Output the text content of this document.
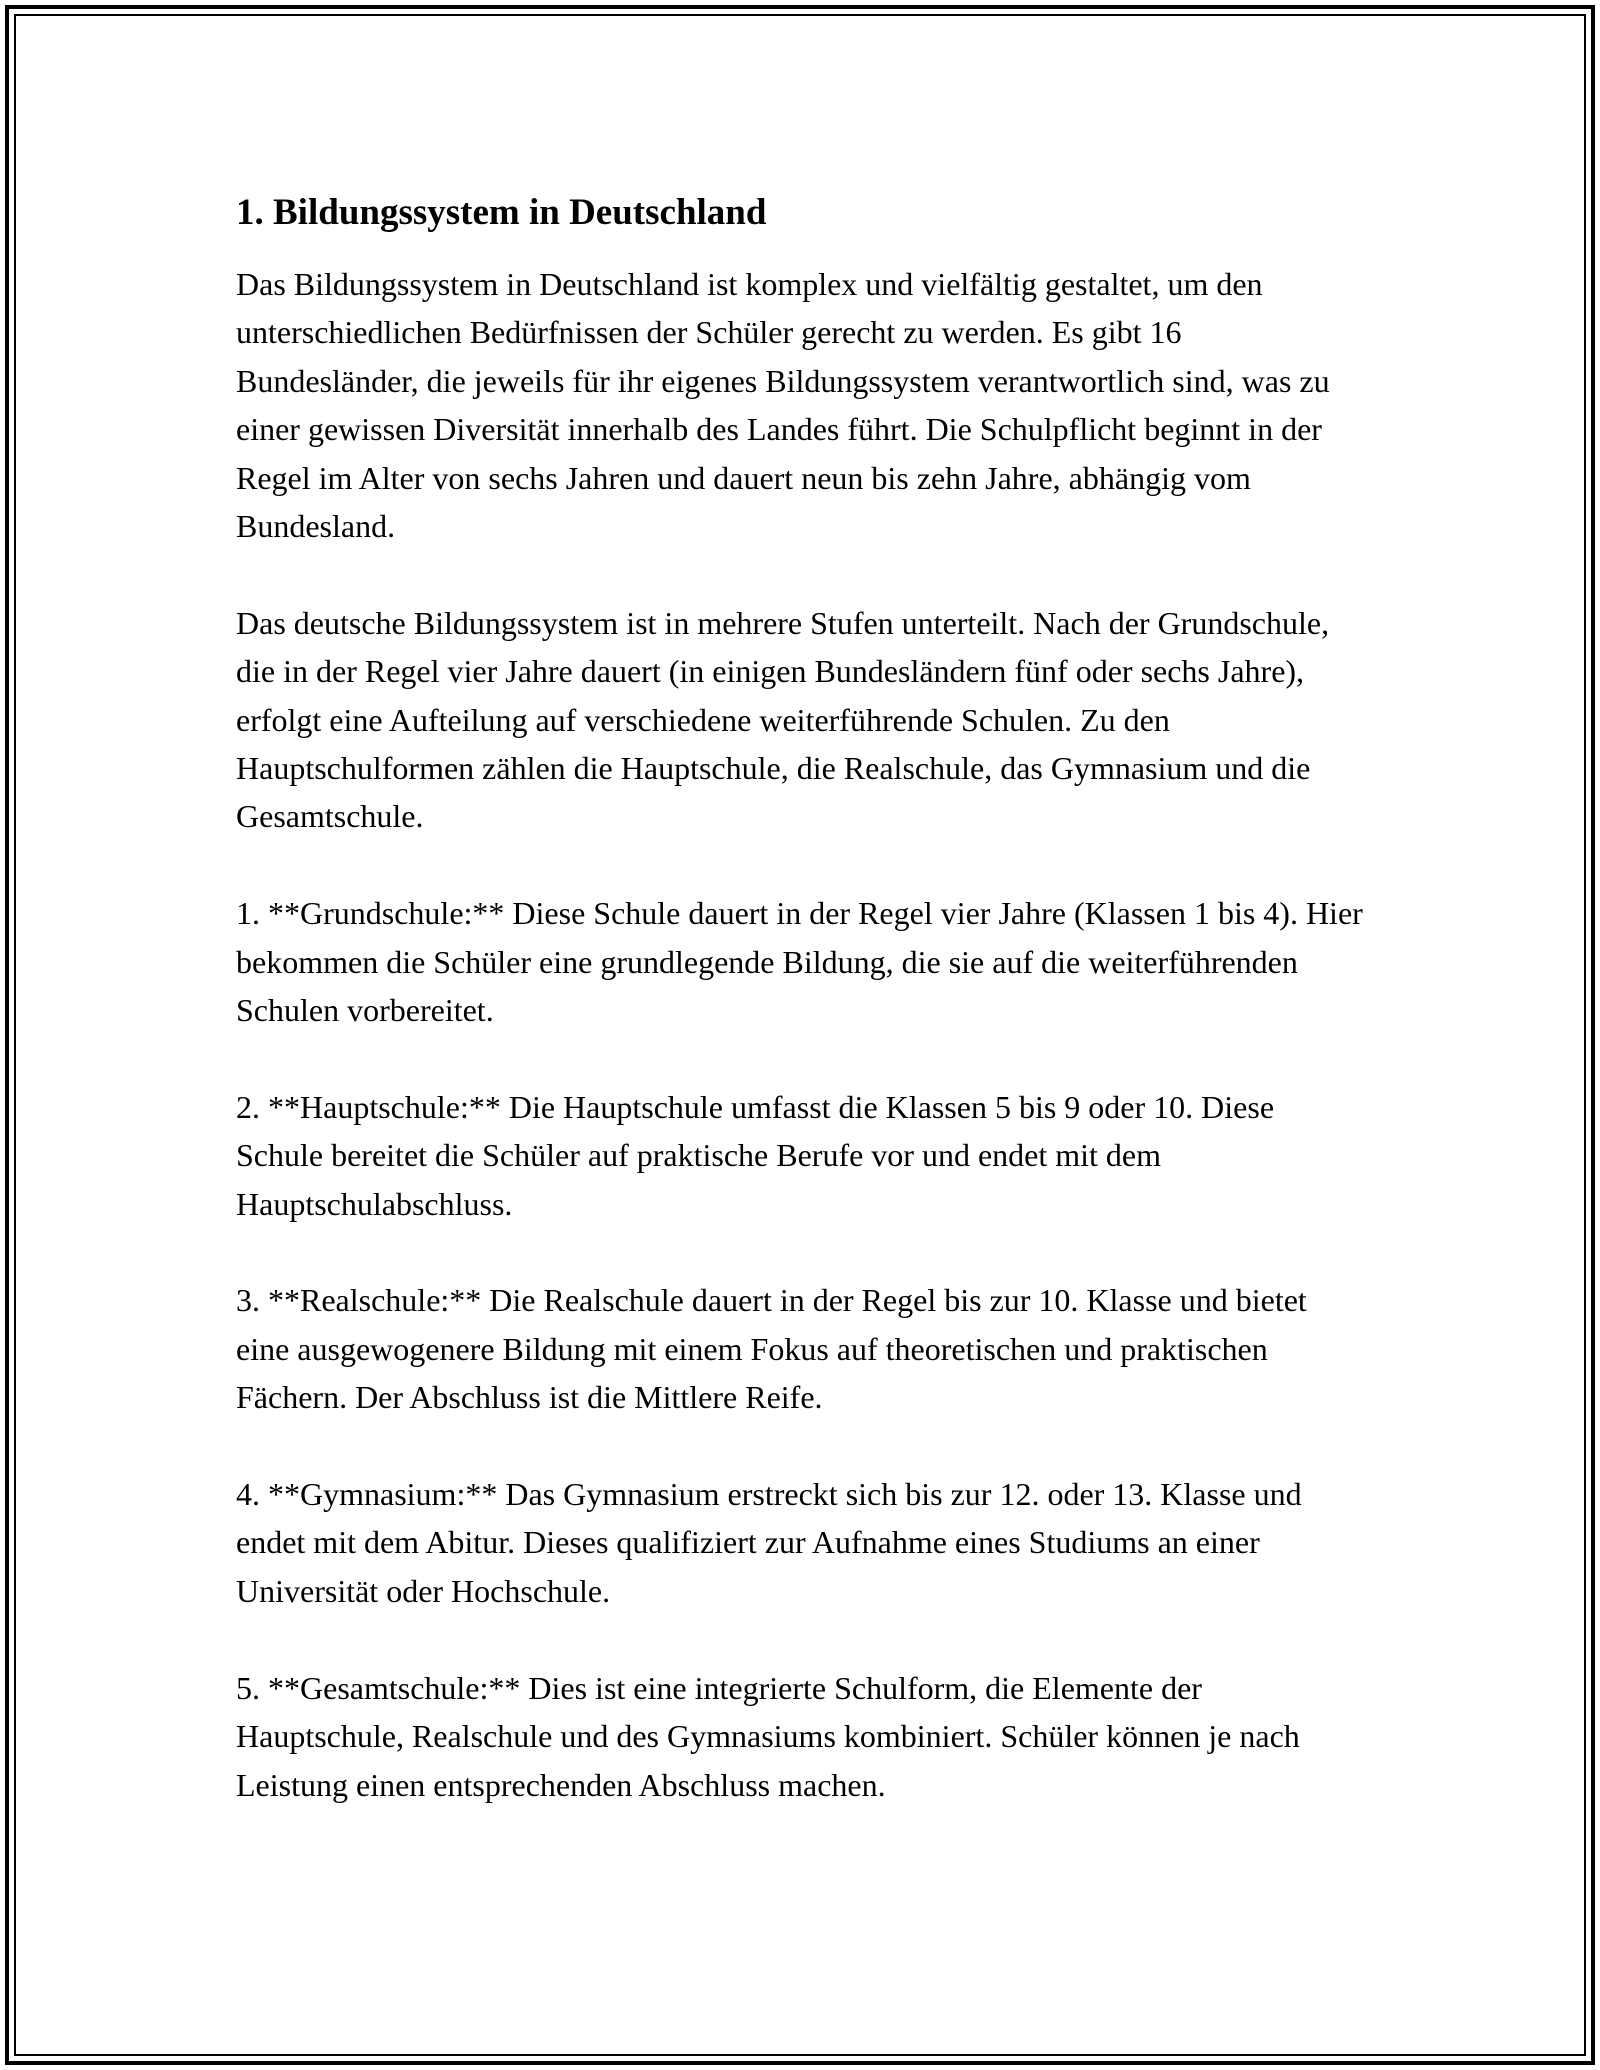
1. Bildungssystem in Deutschland

Das Bildungssystem in Deutschland ist komplex und vielfältig gestaltet, um den unterschiedlichen Bedürfnissen der Schüler gerecht zu werden. Es gibt 16 Bundesländer, die jeweils für ihr eigenes Bildungssystem verantwortlich sind, was zu einer gewissen Diversität innerhalb des Landes führt. Die Schulpflicht beginnt in der Regel im Alter von sechs Jahren und dauert neun bis zehn Jahre, abhängig vom Bundesland.

Das deutsche Bildungssystem ist in mehrere Stufen unterteilt. Nach der Grundschule, die in der Regel vier Jahre dauert (in einigen Bundesländern fünf oder sechs Jahre), erfolgt eine Aufteilung auf verschiedene weiterführende Schulen. Zu den Hauptschulformen zählen die Hauptschule, die Realschule, das Gymnasium und die Gesamtschule.

1. **Grundschule:** Diese Schule dauert in der Regel vier Jahre (Klassen 1 bis 4). Hier bekommen die Schüler eine grundlegende Bildung, die sie auf die weiterführenden Schulen vorbereitet.

2. **Hauptschule:** Die Hauptschule umfasst die Klassen 5 bis 9 oder 10. Diese Schule bereitet die Schüler auf praktische Berufe vor und endet mit dem Hauptschulabschluss.

3. **Realschule:** Die Realschule dauert in der Regel bis zur 10. Klasse und bietet eine ausgewogenere Bildung mit einem Fokus auf theoretischen und praktischen Fächern. Der Abschluss ist die Mittlere Reife.

4. **Gymnasium:** Das Gymnasium erstreckt sich bis zur 12. oder 13. Klasse und endet mit dem Abitur. Dieses qualifiziert zur Aufnahme eines Studiums an einer Universität oder Hochschule.

5. **Gesamtschule:** Dies ist eine integrierte Schulform, die Elemente der Hauptschule, Realschule und des Gymnasiums kombiniert. Schüler können je nach Leistung einen entsprechenden Abschluss machen.
